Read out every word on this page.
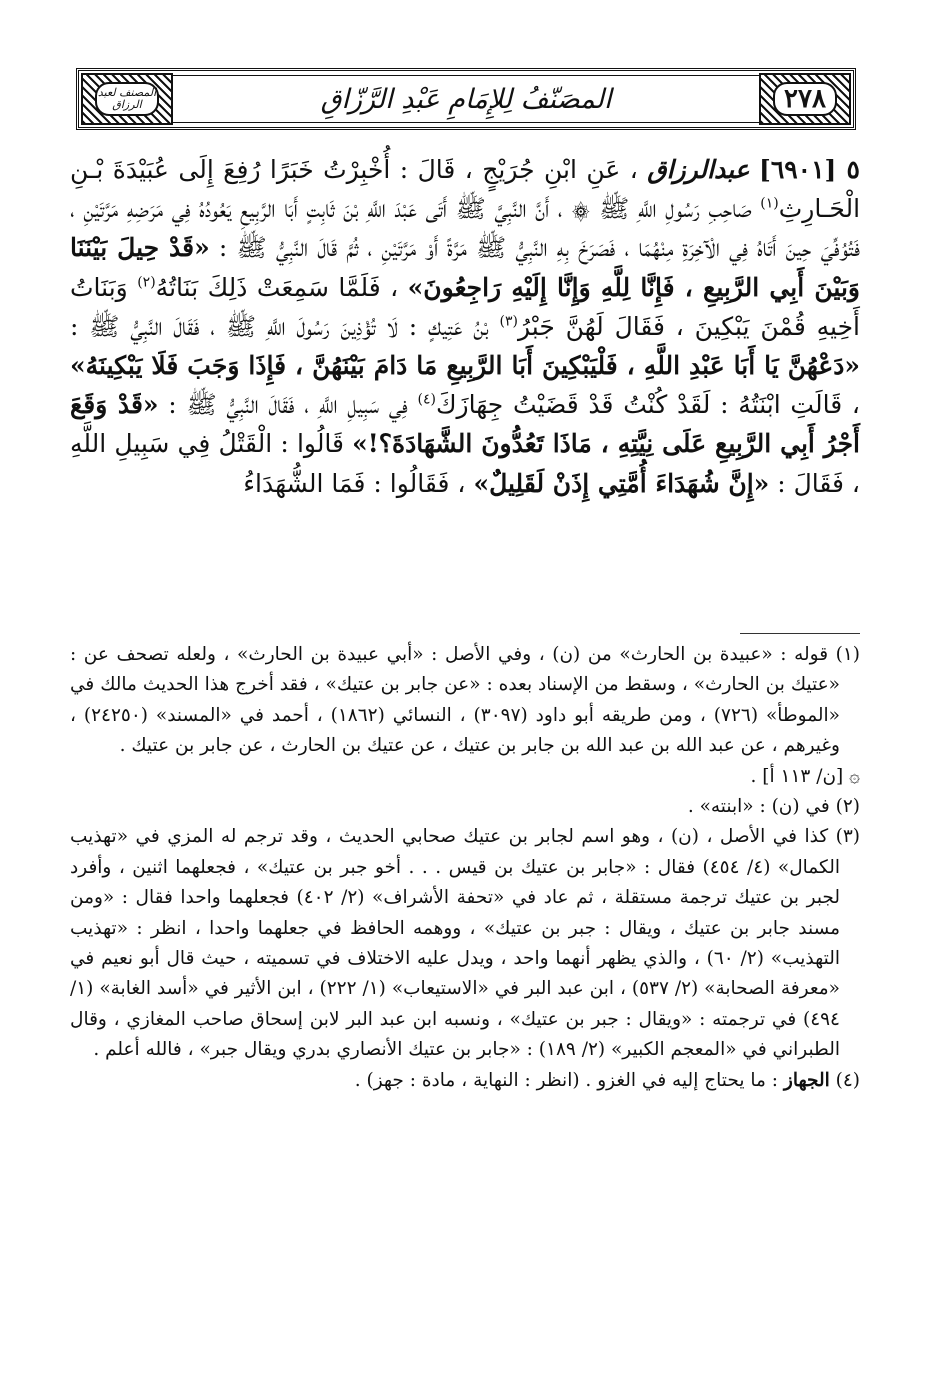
٢٧٨
المصَنّفُ لِلإِمَامِ عَبْدِ الرَّزّاقِ
المصنف لعبد الرزاق

٥ [٦٩٠١] عبدالرزاق ، عَنِ ابْنِ جُرَيْجٍ ، قَالَ : أُخْبِرْتُ خَبَرًا رُفِعَ إِلَى عُبَيْدَةَ بْـنِ الْحَـارِثِ$^{(١)}$ صَاحِبِ رَسُولِ اللَّهِ ﷺ ۞ ، أَنَّ النَّبِيَّ ﷺ أَتَى عَبْدَ اللَّهِ بْنَ ثَابِتٍ أَبَا الرَّبِيعِ يَعُودُهُ فِي مَرَضِهِ مَرَّتَيْنِ ، فَتُوُفِّيَ حِينَ أَتَاهُ فِي الْآخِرَةِ مِنْهُمَا ، فَصَرَخَ بِهِ النَّبِيُّ ﷺ مَرَّةً أَوْ مَرَّتَيْنِ ، ثُمَّ قَالَ النَّبِيُّ ﷺ : «قَدْ حِيلَ بَيْنَنَا وَبَيْنَ أَبِي الرَّبِيعِ ، فَإِنَّا لِلَّهِ وَإِنَّا إِلَيْهِ رَاجِعُونَ» ، فَلَمَّا سَمِعَتْ ذَلِكَ بَنَاتُهُ$^{(٢)}$ وَبَنَاتُ أَخِيهِ قُمْنَ يَبْكِينَ ، فَقَالَ لَهُنَّ جَبْرُ$^{(٣)}$ بْنُ عَتِيكٍ : لَا تُؤْذِينَ رَسُولَ اللَّهِ ﷺ ، فَقَالَ النَّبِيُّ ﷺ : «دَعْهُنَّ يَا أَبَا عَبْدِ اللَّهِ ، فَلْيَبْكِينَ أَبَا الرَّبِيعِ مَا دَامَ بَيْنَهُنَّ ، فَإِذَا وَجَبَ فَلَا يَبْكِينَهُ» ، قَالَتِ ابْنَتُهُ : لَقَدْ كُنْتُ قَدْ قَضَيْتُ جِهَازَكَ$^{(٤)}$ فِي سَبِيلِ اللَّهِ ، فَقَالَ النَّبِيُّ ﷺ : «قَدْ وَقَعَ أَجْرُ أَبِي الرَّبِيعِ عَلَى نِيَّتِهِ ، مَاذَا تَعُدُّونَ الشَّهَادَةَ؟!» قَالُوا : الْقَتْلُ فِي سَبِيلِ اللَّهِ ، فَقَالَ : «إِنَّ شُهَدَاءَ أُمَّتِي إِذَنْ لَقَلِيلٌ» ، فَقَالُوا : فَمَا الشُّهَدَاءُ

(١) قوله : «عبيدة بن الحارث» من (ن) ، وفي الأصل : «أبي عبيدة بن الحارث» ، ولعله تصحف عن : «عتيك بن الحارث» ، وسقط من الإسناد بعده : «عن جابر بن عتيك» ، فقد أخرج هذا الحديث مالك في «الموطأ» (٧٢٦) ، ومن طريقه أبو داود (٣٠٩٧) ، النسائي (١٨٦٢) ، أحمد في «المسند» (٢٤٢٥٠) ، وغيرهم ، عن عبد الله بن عبد الله بن جابر بن عتيك ، عن عتيك بن الحارث ، عن جابر بن عتيك .

۞ [ن/ ١١٣ أ] .

(٢) في (ن) : «ابنته» .

(٣) كذا في الأصل ، (ن) ، وهو اسم لجابر بن عتيك صحابي الحديث ، وقد ترجم له المزي في «تهذيب الكمال» (٤/ ٤٥٤) فقال : «جابر بن عتيك بن قيس . . . أخو جبر بن عتيك» ، فجعلهما اثنين ، وأفرد لجبر بن عتيك ترجمة مستقلة ، ثم عاد في «تحفة الأشراف» (٢/ ٤٠٢) فجعلهما واحدا فقال : «ومن مسند جابر بن عتيك ، ويقال : جبر بن عتيك» ، ووهمه الحافظ في جعلهما واحدا ، انظر : «تهذيب التهذيب» (٢/ ٦٠) ، والذي يظهر أنهما واحد ، ويدل عليه الاختلاف في تسميته ، حيث قال أبو نعيم في «معرفة الصحابة» (٢/ ٥٣٧) ، ابن عبد البر في «الاستيعاب» (١/ ٢٢٢) ، ابن الأثير في «أسد الغابة» (١/ ٤٩٤) في ترجمته : «ويقال : جبر بن عتيك» ، ونسبه ابن عبد البر لابن إسحاق صاحب المغازي ، وقال الطبراني في «المعجم الكبير» (٢/ ١٨٩) : «جابر بن عتيك الأنصاري بدري ويقال جبر» ، فالله أعلم .

(٤) الجهاز : ما يحتاج إليه في الغزو . (انظر : النهاية ، مادة : جهز) .
